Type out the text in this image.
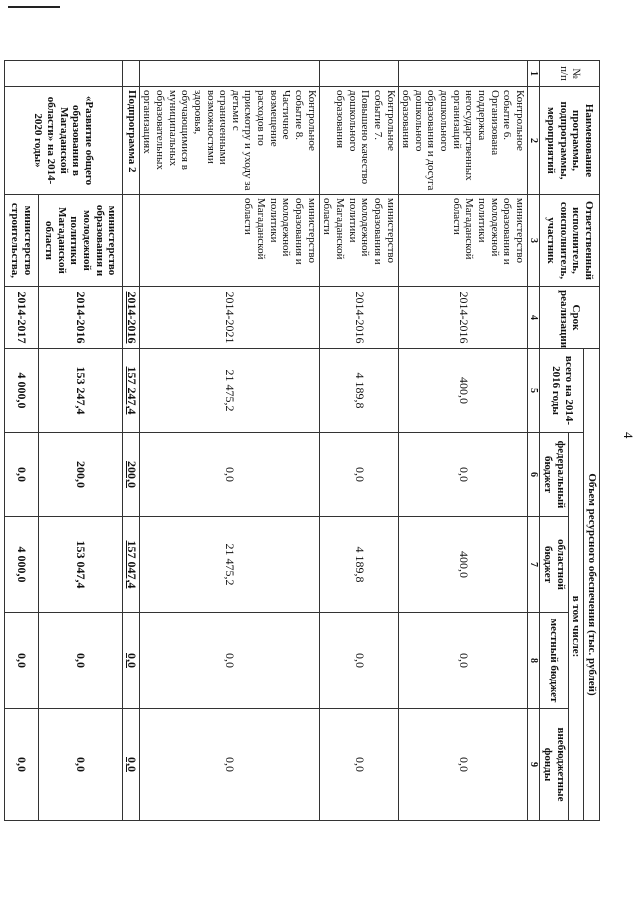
4
№ п/п	Наименование программы, подпрограммы, мероприятий	Ответственный исполнитель, соисполнитель, участник	Срок реализации	Объем ресурсного обеспечения (тыс. рублей)				
				всего на 2014-2016 годы	в том числе:			
					федеральный бюджет	областной бюджет	местный бюджет	внебюджетные фонды
1	2	3	4	5	6	7	8	9
	Контрольное событие 6. Организована поддержка негосударственных организаций дошкольного образования и досуга дошкольного образования	министерство образования и молодежной политики Магаданской области	2014-2016	400,0	0,0	400,0	0,0	0,0
	Контрольное событие 7. Повышено качество дошкольного образования	министерство образования и молодежной политики Магаданской области	2014-2016	4 189,8	0,0	4 189,8	0,0	0,0
	Контрольное событие 8. Частичное возмещение расходов по присмотру и уходу за детьми с ограниченными возможностями здоровья, обучающимися в муниципальных образовательных организациях	министерство образования и молодежной политики Магаданской области	2014-2021	21 475,2	0,0	21 475,2	0,0	0,0
	Подпрограмма 2		2014-2016	157 247,4	200,0	157 047,4	0,0	0,0
	«Развитие общего образования в Магаданской области» на 2014-2020 годы»	министерство образования и молодежной политики Магаданской области	2014-2016	153 247,4	200,0	153 047,4	0,0	0,0
		министерство строительства,	2014-2017	4 000,0	0,0	4 000,0	0,0	0,0
